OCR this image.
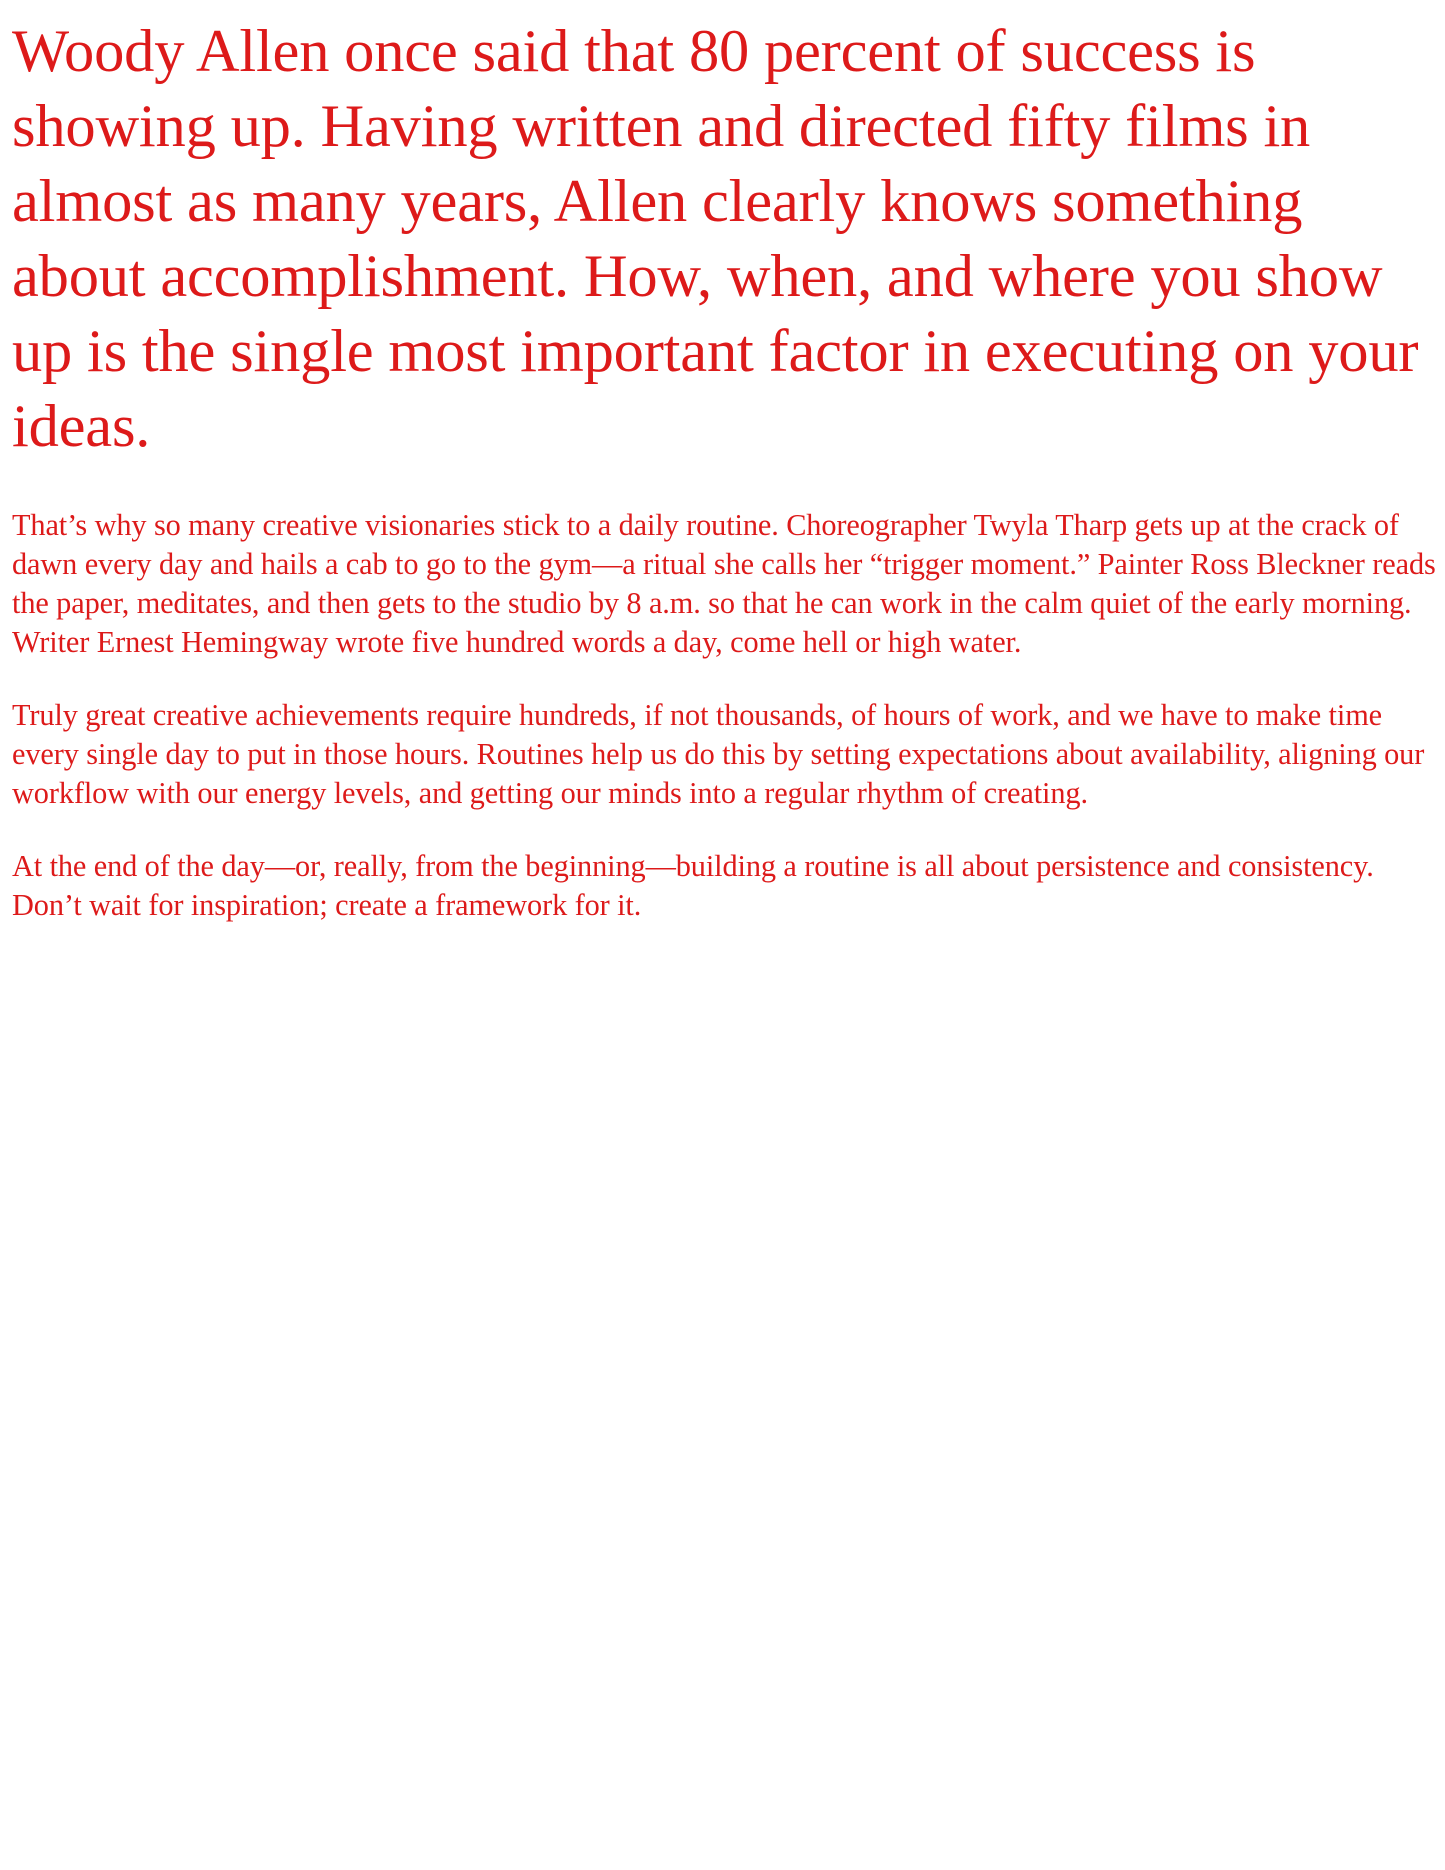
Woody Allen once said that 80 percent of success is showing up. Having written and directed fifty films in almost as many years, Allen clearly knows something about accomplishment. How, when, and where you show up is the single most important factor in executing on your ideas.

That’s why so many creative visionaries stick to a daily routine. Choreographer Twyla Tharp gets up at the crack of dawn every day and hails a cab to go to the gym—a ritual she calls her “trigger moment.” Painter Ross Bleckner reads the paper, meditates, and then gets to the studio by 8 a.m. so that he can work in the calm quiet of the early morning. Writer Ernest Hemingway wrote five hundred words a day, come hell or high water.

Truly great creative achievements require hundreds, if not thousands, of hours of work, and we have to make time every single day to put in those hours. Routines help us do this by setting expectations about availability, aligning our workflow with our energy levels, and getting our minds into a regular rhythm of creating.

At the end of the day—or, really, from the beginning—building a routine is all about persistence and consistency. Don’t wait for inspiration; create a framework for it.
